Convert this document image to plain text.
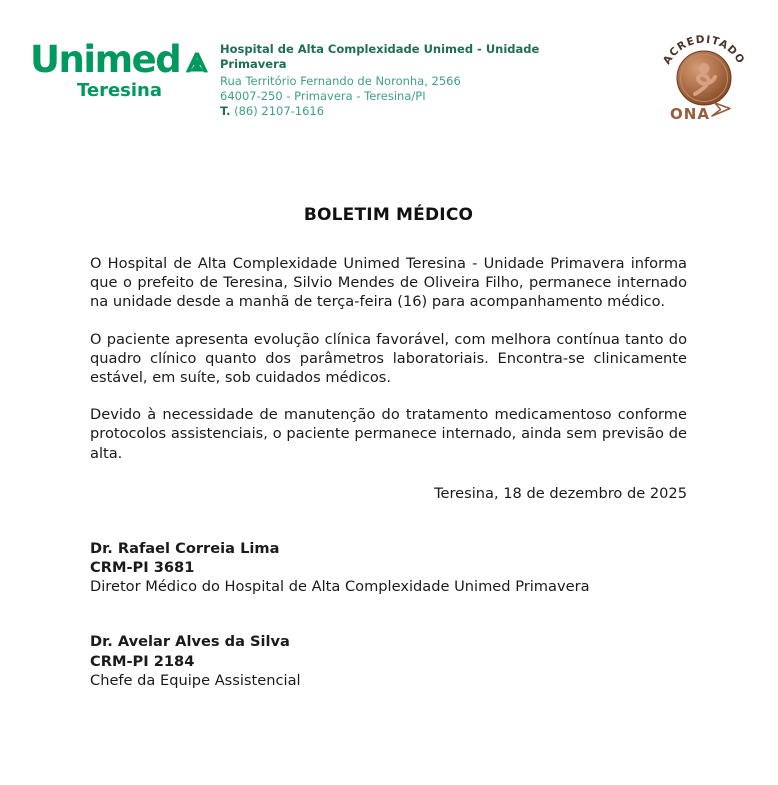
Unimed
Teresina
Hospital de Alta Complexidade Unimed - Unidade Primavera
Rua Território Fernando de Noronha, 2566
64007-250 - Primavera - Teresina/PI
T. (86) 2107-1616
ACREDITADO
ONA
BOLETIM MÉDICO

O Hospital de Alta Complexidade Unimed Teresina - Unidade Primavera informa que o prefeito de Teresina, Silvio Mendes de Oliveira Filho, permanece internado na unidade desde a manhã de terça-feira (16) para acompanhamento médico.

O paciente apresenta evolução clínica favorável, com melhora contínua tanto do quadro clínico quanto dos parâmetros laboratoriais. Encontra-se clinicamente estável, em suíte, sob cuidados médicos.

Devido à necessidade de manutenção do tratamento medicamentoso conforme protocolos assistenciais, o paciente permanece internado, ainda sem previsão de alta.

Teresina, 18 de dezembro de 2025

Dr. Rafael Correia Lima
CRM-PI 3681
Diretor Médico do Hospital de Alta Complexidade Unimed Primavera
Dr. Avelar Alves da Silva
CRM-PI 2184
Chefe da Equipe Assistencial
